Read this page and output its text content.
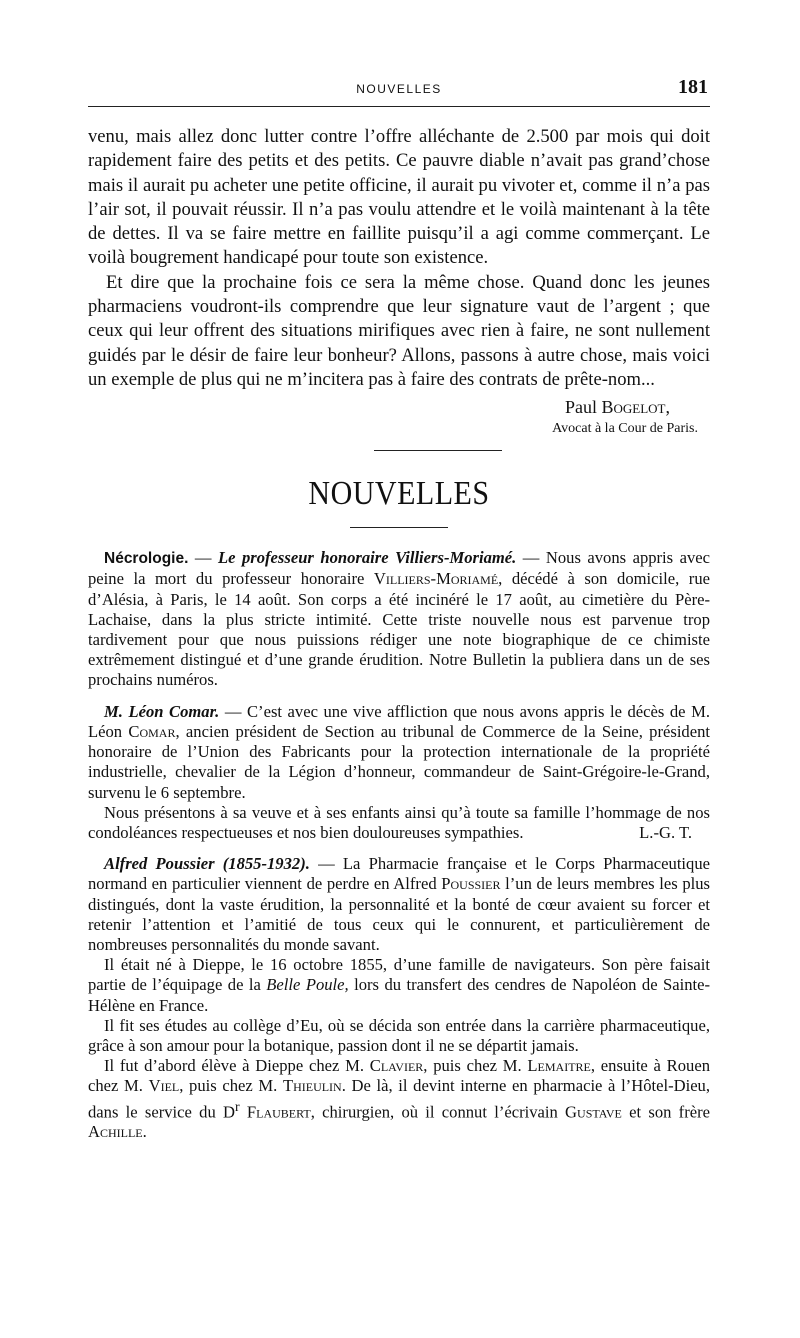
NOUVELLES	181

venu, mais allez donc lutter contre l’offre alléchante de 2.500 par mois qui doit rapidement faire des petits et des petits. Ce pauvre diable n’avait pas grand’chose mais il aurait pu acheter une petite officine, il aurait pu vivoter et, comme il n’a pas l’air sot, il pouvait réussir. Il n’a pas voulu attendre et le voilà maintenant à la tête de dettes. Il va se faire mettre en faillite puisqu’il a agi comme commerçant. Le voilà bougrement handicapé pour toute son existence.

Et dire que la prochaine fois ce sera la même chose. Quand donc les jeunes pharmaciens voudront-ils comprendre que leur signature vaut de l’argent ; que ceux qui leur offrent des situations mirifiques avec rien à faire, ne sont nullement guidés par le désir de faire leur bonheur? Allons, passons à autre chose, mais voici un exemple de plus qui ne m’incitera pas à faire des contrats de prête-nom...

Paul Bogelot,
Avocat à la Cour de Paris.
NOUVELLES

Nécrologie. — Le professeur honoraire Villiers-Moriamé. — Nous avons appris avec peine la mort du professeur honoraire Villiers-Moriamé, décédé à son domicile, rue d’Alésia, à Paris, le 14 août. Son corps a été incinéré le 17 août, au cimetière du Père-Lachaise, dans la plus stricte intimité. Cette triste nouvelle nous est parvenue trop tardivement pour que nous puissions rédiger une note biographique de ce chimiste extrêmement distingué et d’une grande érudition. Notre Bulletin la publiera dans un de ses prochains numéros.

M. Léon Comar. — C’est avec une vive affliction que nous avons appris le décès de M. Léon Comar, ancien président de Section au tribunal de Commerce de la Seine, président honoraire de l’Union des Fabricants pour la protection internationale de la propriété industrielle, chevalier de la Légion d’honneur, commandeur de Saint-Grégoire-le-Grand, survenu le 6 septembre.

Nous présentons à sa veuve et à ses enfants ainsi qu’à toute sa famille l’hommage de nos condoléances respectueuses et nos bien douloureuses sympathies.	L.-G. T.

Alfred Poussier (1855-1932). — La Pharmacie française et le Corps Pharmaceutique normand en particulier viennent de perdre en Alfred Poussier l’un de leurs membres les plus distingués, dont la vaste érudition, la personnalité et la bonté de cœur avaient su forcer et retenir l’attention et l’amitié de tous ceux qui le connurent, et particulièrement de nombreuses personnalités du monde savant.

Il était né à Dieppe, le 16 octobre 1855, d’une famille de navigateurs. Son père faisait partie de l’équipage de la Belle Poule, lors du transfert des cendres de Napoléon de Sainte-Hélène en France.

Il fit ses études au collège d’Eu, où se décida son entrée dans la carrière pharmaceutique, grâce à son amour pour la botanique, passion dont il ne se départit jamais.

Il fut d’abord élève à Dieppe chez M. Clavier, puis chez M. Lemaitre, ensuite à Rouen chez M. Viel, puis chez M. Thieulin. De là, il devint interne en pharmacie à l’Hôtel-Dieu, dans le service du $D^r$ Flaubert, chirurgien, où il connut l’écrivain Gustave et son frère Achille.
